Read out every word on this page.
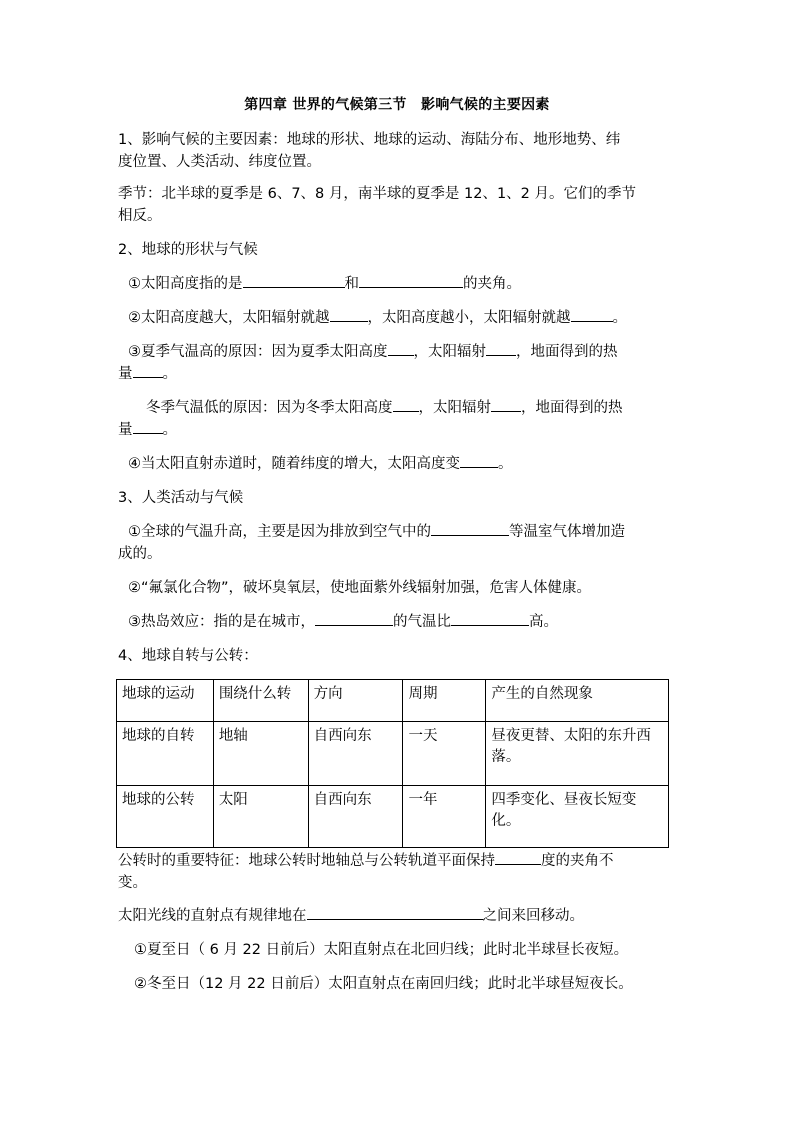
第四章 世界的气候第三节　影响气候的主要因素
1、影响气候的主要因素：地球的形状、地球的运动、海陆分布、地形地势、纬
度位置、人类活动、纬度位置。
季节：北半球的夏季是 6、7、8 月，南半球的夏季是 12、1、2 月。它们的季节
相反。
2、地球的形状与气候
①太阳高度指的是	和	的夹角。
②太阳高度越大，太阳辐射就越	，太阳高度越小，太阳辐射就越	。
③夏季气温高的原因：因为夏季太阳高度 ，太阳辐射 ，地面得到的热
量 。
冬季气温低的原因：因为冬季太阳高度 ，太阳辐射 ，地面得到的热
量 。
④当太阳直射赤道时，随着纬度的增大，太阳高度变	。
3、人类活动与气候
①全球的气温升高，主要是因为排放到空气中的	等温室气体增加造
成的。
②“氟氯化合物”，破坏臭氧层，使地面紫外线辐射加强，危害人体健康。
③热岛效应：指的是在城市，	的气温比	高。
4、地球自转与公转：
地球的运动	围绕什么转	方向	周期	产生的自然现象
地球的自转	地轴	自西向东	一天	昼夜更替、太阳的东升西落。
地球的公转	太阳	自西向东	一年	四季变化、昼夜长短变化。
公转时的重要特征：地球公转时地轴总与公转轨道平面保持	度的夹角不
变。
太阳光线的直射点有规律地在	之间来回移动。
①夏至日（ 6 月 22 日前后）太阳直射点在北回归线；此时北半球昼长夜短。
②冬至日（12 月 22 日前后）太阳直射点在南回归线；此时北半球昼短夜长。
